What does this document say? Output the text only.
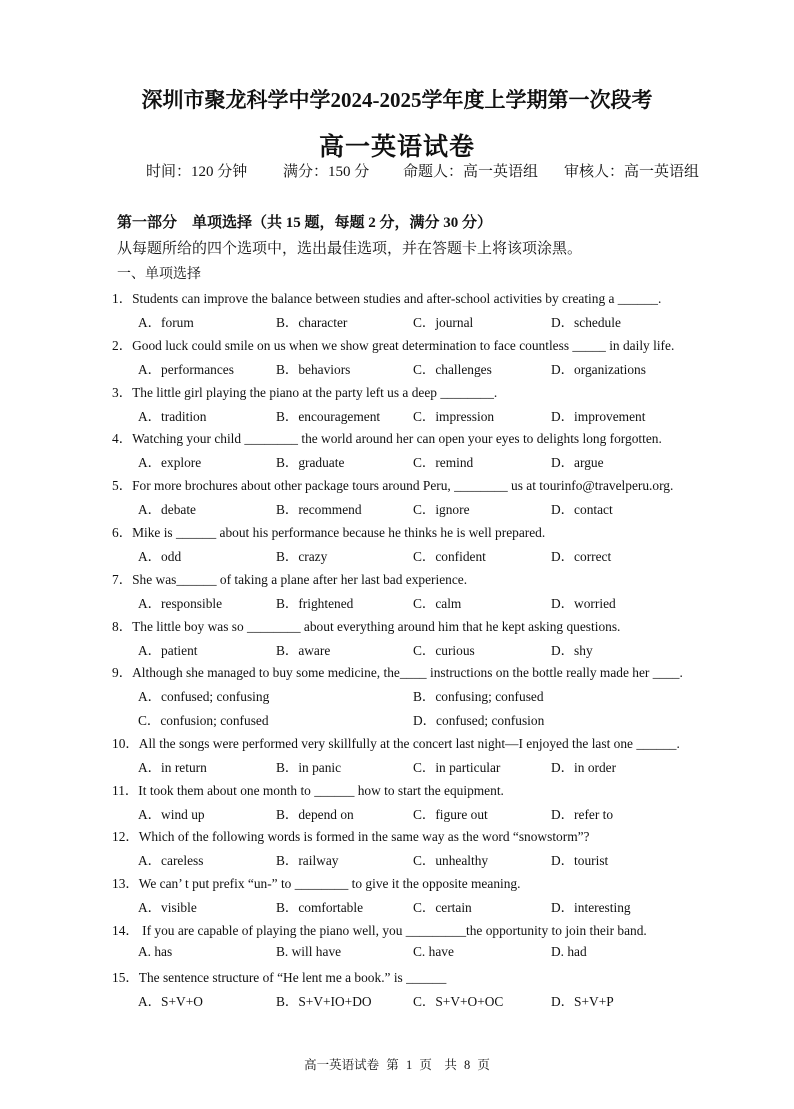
深圳市聚龙科学中学2024-2025学年度上学期第一次段考
高一英语试卷
时间：120 分钟 满分：150 分 命题人：高一英语组 审核人：高一英语组
第一部分　单项选择（共 15 题，每题 2 分，满分 30 分）
从每题所给的四个选项中，选出最佳选项，并在答题卡上将该项涂黑。
一、单项选择
1．Students can improve the balance between studies and after-school activities by creating a ______.
A．forum	B．character	C．journal	D．schedule
2．Good luck could smile on us when we show great determination to face countless _____ in daily life.
A．performances	B．behaviors	C．challenges	D．organizations
3．The little girl playing the piano at the party left us a deep ________.
A．tradition	B．encouragement C．impression	D．improvement
4．Watching your child ________ the world around her can open your eyes to delights long forgotten.
A．explore	B．graduate	C．remind	D．argue
5．For more brochures about other package tours around Peru, ________ us at tourinfo@travelperu.org.
A．debate	B．recommend	C．ignore	D．contact
6．Mike is ______ about his performance because he thinks he is well prepared.
A．odd	B．crazy	C．confident	D．correct
7．She was______ of taking a plane after her last bad experience.
A．responsible	B．frightened	C．calm	D．worried
8．The little boy was so ________ about everything around him that he kept asking questions.
A．patient	B．aware	C．curious	D．shy
9．Although she managed to buy some medicine, the____ instructions on the bottle really made her ____.
A．confused; confusing	B．confusing; confused
C．confusion; confused	D．confused; confusion
10．All the songs were performed very skillfully at the concert last night—I enjoyed the last one ______.
A．in return	B．in panic	C．in particular	D．in order
11．It took them about one month to ______ how to start the equipment.
A．wind up	B．depend on	C．figure out	D．refer to
12．Which of the following words is formed in the same way as the word “snowstorm”?
A．careless	B．railway	C．unhealthy	D．tourist
13．We can’ t put prefix “un-” to ________ to give it the opposite meaning.
A．visible	B．comfortable	C．certain	D．interesting
14． If you are capable of playing the piano well, you _________the opportunity to join their band.
A. has	B. will have	C. have	D. had
15．The sentence structure of “He lent me a book.” is ______
A．S+V+O	B．S+V+IO+DO	C．S+V+O+OC	D．S+V+P
高一英语试卷 第 1 页　共 8 页
